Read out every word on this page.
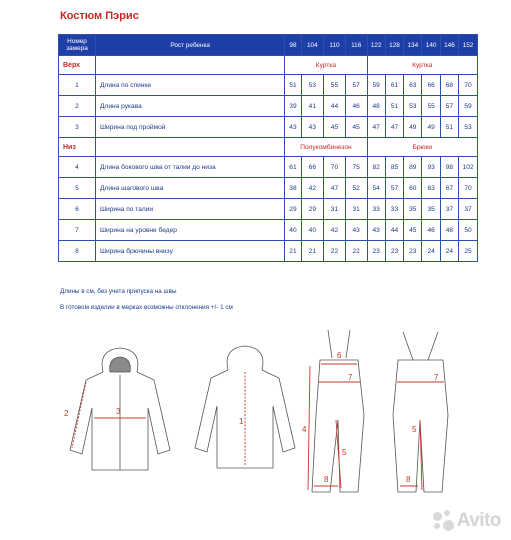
Костюм Пэрис
Номер замера	Рост ребенка	98	104	110	116	122	128	134	140	146	152
Верх		Куртка				Куртка					
1	Длина по спинке	51	53	55	57	59	61	63	66	68	70
2	Длина рукава	39	41	44	46	48	51	53	55	57	59
3	Ширина под проймой	43	43	45	45	47	47	49	49	51	53
Низ		Полукомбинезон				Брюки					
4	Длина бокового шва от талии до низа	61	66	70	75	82	85	89	93	98	102
5	Длина шагового шва	38	42	47	52	54	57	60	63	67	70
6	Ширина по талии	29	29	31	31	33	33	35	35	37	37
7	Ширина на уровне бедер	40	40	42	43	43	44	45	46	48	50
8	Ширина брючины внизу	21	21	22	22	23	23	23	24	24	25
Длины в см, без учета припуска на швы
В готовом изделии в мерках возможны отклонения +/- 1 см
2	3
1
6
7
4
5
8
7
5
8
Avito
